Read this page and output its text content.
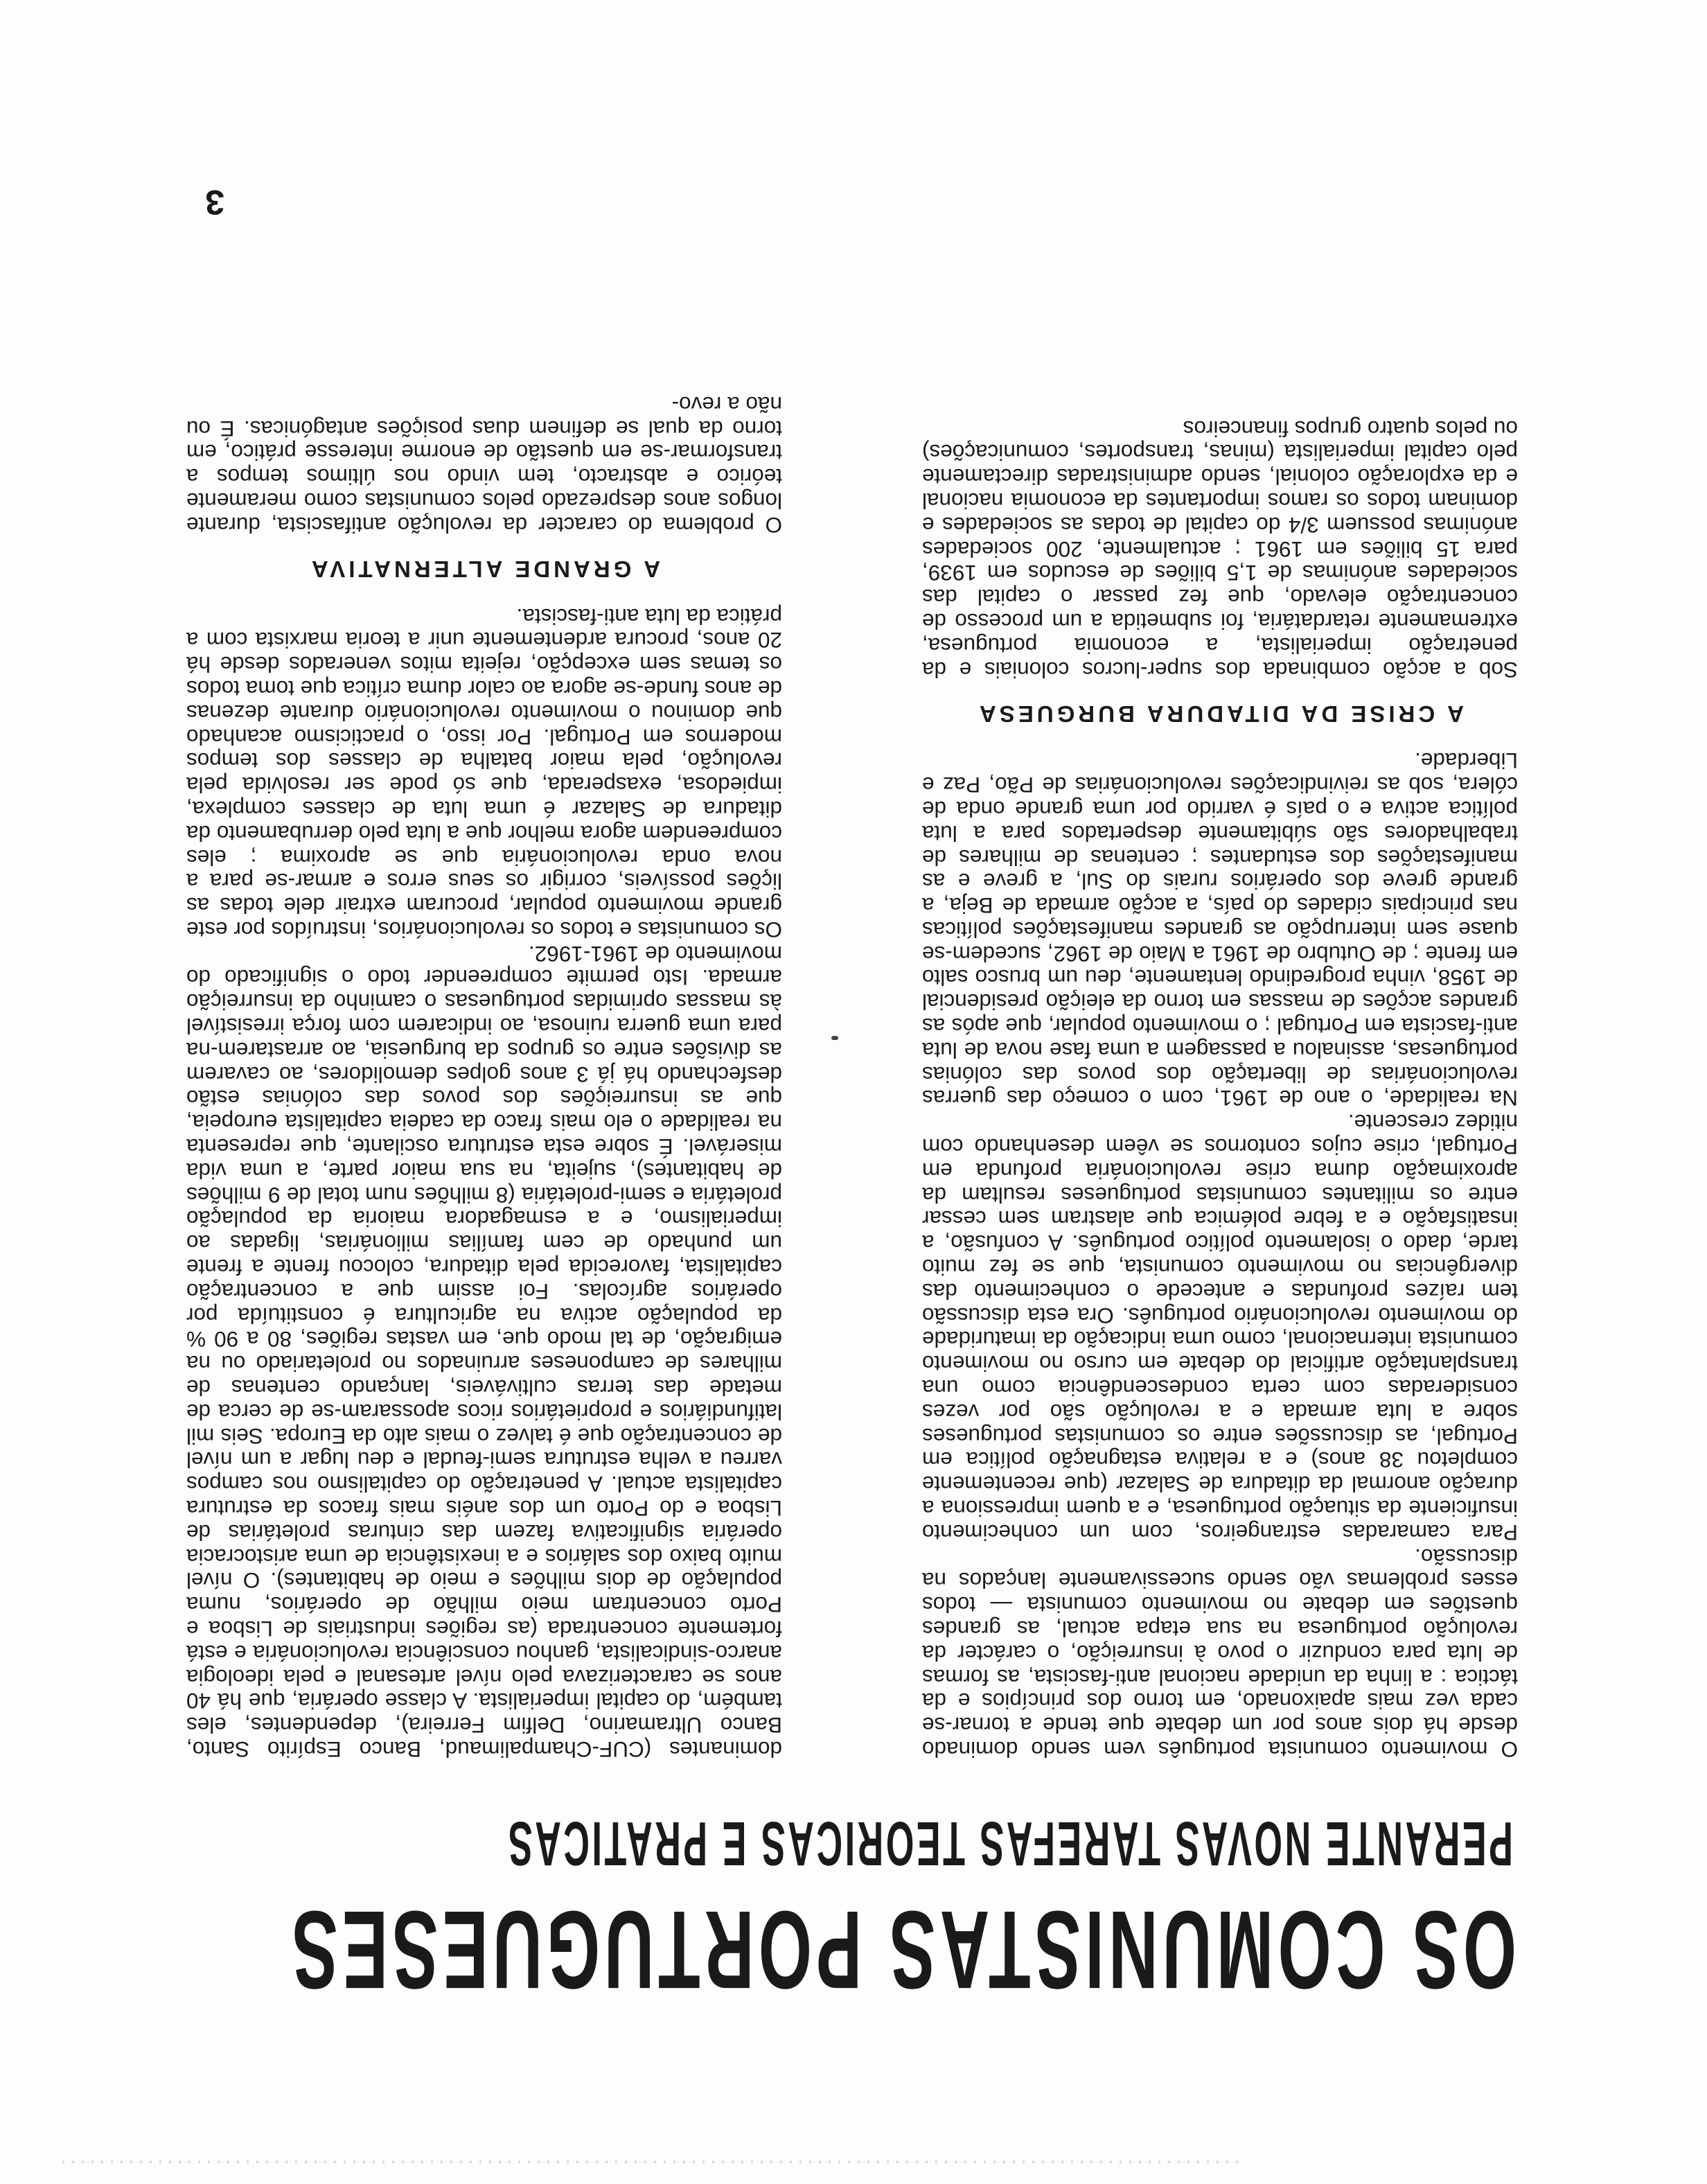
OS COMUNISTAS PORTUGUESES
PERANTE NOVAS TAREFAS TEORICAS E PRATICAS

O movimento comunista português vem sendo dominado desde há dois anos por um debate que tende a tornar-se cada vez mais apaixonado, em torno dos princípios e da táctica : a linha da unidade nacional anti-fascista, as formas de luta para conduzir o povo à insurreição, o carácter da revolução portuguesa na sua etapa actual, as grandes questões em debate no movimento comunista — todos esses problemas vão sendo sucessivamente lançados na discussão.

Para camaradas estrangeiros, com um conhecimento insuficiente da situação portuguesa, e a quem impressiona a duração anormal da ditadura de Salazar (que recentemente completou 38 anos) e a relativa estagnação política em Portugal, as discussões entre os comunistas portugueses sobre a luta armada e a revolução são por vezes consideradas com certa condescendência como una transplantação artificial do debate em curso no movimento comunista internacional, como uma indicação da imaturidade do movimento revolucionário português. Ora esta discussão tem raízes profundas e antecede o conhecimento das divergências no movimento comunista, que se fez muito tarde, dado o isolamento político português. A confusão, a insatisfação e a febre polémica que alastram sem cessar entre os militantes comunistas portugueses resultam da aproximação duma crise revolucionária profunda em Portugal, crise cujos contornos se vêem desenhando com nitidez crescente.

Na realidade, o ano de 1961, com o começo das guerras revolucionárias de libertação dos povos das colónias portuguesas, assinalou a passagem a uma fase nova de luta anti-fascista em Portugal ; o movimento popular, que após as grandes acções de massas em torno da eleição presidencial de 1958, vinha progredindo lentamente, deu um brusco salto em frente ; de Outubro de 1961 a Maio de 1962, sucedem-se quase sem interrupção as grandes manifestações políticas nas principais cidades do país, a acção armada de Beja, a grande greve dos operários rurais do Sul, a greve e as manifestações dos estudantes ; centenas de milhares de trabalhadores são súbitamente despertados para a luta política activa e o país é varrido por uma grande onda de cólera, sob as reivindicações revolucionárias de Pão, Paz e Liberdade.

A CRISE DA DITADURA BURGUESA

Sob a acção combinada dos super-lucros coloniais e da penetração imperialista, a economia portuguesa, extremamente retardatária, foi submetida a um processo de concentração elevado, que fez passar o capital das sociedades anónimas de 1,5 biliões de escudos em 1939, para 15 biliões em 1961 ; actualmente, 200 sociedades anónimas possuem 3/4 do capital de todas as sociedades e dominam todos os ramos importantes da economia nacional e da exploração colonial, sendo administradas directamente pelo capital imperialista (minas, transportes, comunicações) ou pelos quatro grupos financeiros

dominantes (CUF-Champalimaud, Banco Espírito Santo, Banco Ultramarino, Delfim Ferreira), dependentes, eles também, do capital imperialista. A classe operária, que há 40 anos se caracterizava pelo nível artesanal e pela ideologia anarco-sindicalista, ganhou consciência revolucionária e está fortemente concentrada (as regiões industriais de Lisboa e Porto concentram meio milhão de operários, numa população de dois milhões e meio de habitantes). O nível muito baixo dos salários e a inexistência de uma aristocracia operária significativa fazem das cinturas proletárias de Lisboa e do Porto um dos anéis mais fracos da estrutura capitalista actual. A penetração do capitalismo nos campos varreu a velha estrutura semi-feudal e deu lugar a um nível de concentração que é talvez o mais alto da Europa. Seis mil latifundiários e proprietários ricos apossaram-se de cerca de metade das terras cultiváveis, lançando centenas de milhares de camponeses arruinados no proletariado ou na emigração, de tal modo que, em vastas regiões, 80 a 90 % da população activa na agricultura é constituída por operários agrícolas. Foi assim que a concentração capitalista, favorecida pela ditadura, colocou frente a frente um punhado de cem famílias milionárias, ligadas ao imperialismo, e a esmagadora maioria da população proletária e semi-proletária (8 milhões num total de 9 milhões de habitantes), sujeita, na sua maior parte, a uma vida miserável. É sobre esta estrutura oscilante, que representa na realidade o elo mais fraco da cadeia capitalista europeia, que as insurreições dos povos das colónias estão desfechando há já 3 anos golpes demolidores, ao cavarem as divisões entre os grupos da burguesia, ao arrastarem-na para uma guerra ruinosa, ao indicarem com força irresistível às massas oprimidas portuguesas o caminho da insurreição armada. Isto permite compreender todo o significado do movimento de 1961-1962.

Os comunistas e todos os revolucionários, instruídos por este grande movimento popular, procuram extrair dele todas as lições possíveis, corrigir os seus erros e armar-se para a nova onda revolucionária que se aproxima ; eles compreendem agora melhor que a luta pelo derrubamento da ditadura de Salazar é uma luta de classes complexa, impiedosa, exasperada, que só pode ser resolvida pela revolução, pela maior batalha de classes dos tempos modernos em Portugal. Por isso, o practicismo acanhado que dominou o movimento revolucionário durante dezenas de anos funde-se agora ao calor duma crítica que toma todos os temas sem excepção, rejeita mitos venerados desde há 20 anos, procura ardentemente unir a teoria marxista com a prática da luta anti-fascista.

A GRANDE ALTERNATIVA

O problema do caracter da revolução antifascista, durante longos anos desprezado pelos comunistas como meramente teórico e abstracto, tem vindo nos últimos tempos a transformar-se em questão de enorme interesse prático, em torno da qual se definem duas posições antagónicas. É ou não a revo-

3
